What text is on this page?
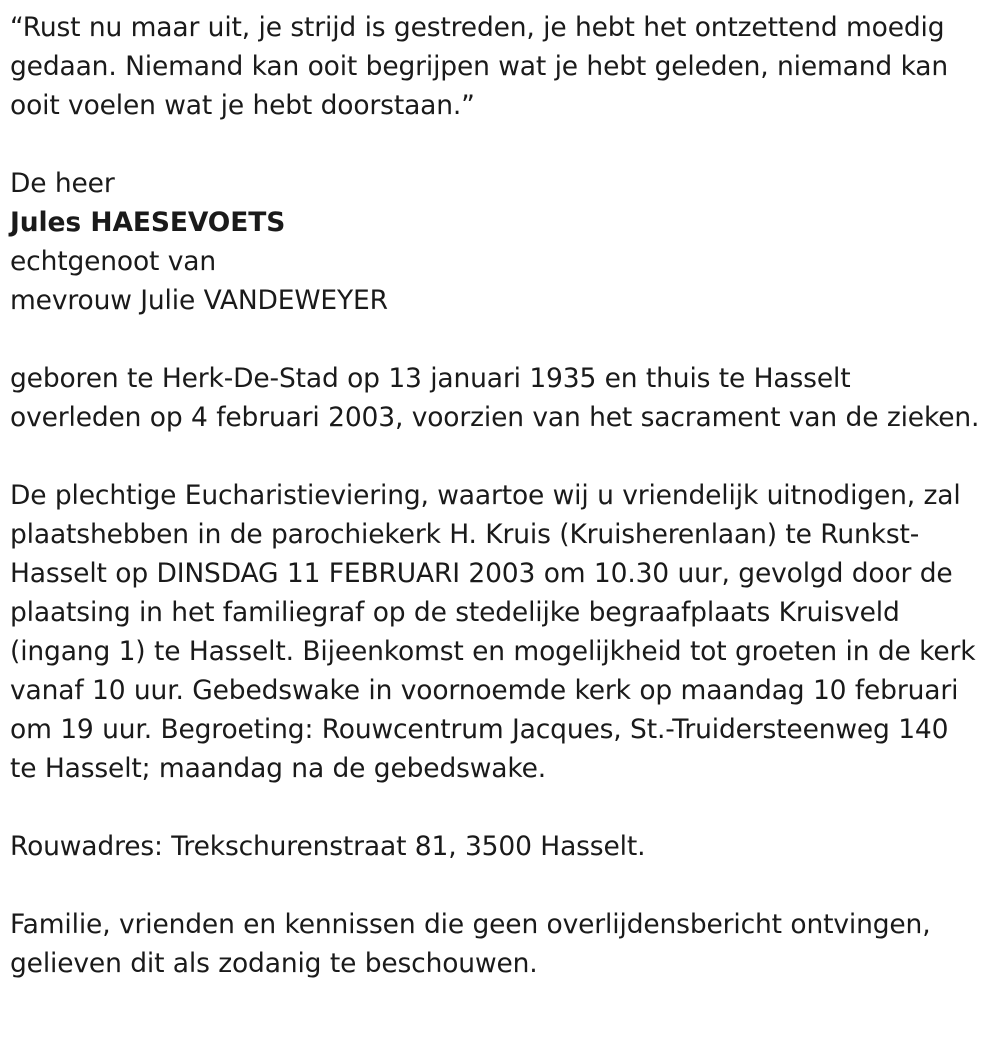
“Rust nu maar uit, je strijd is gestreden, je hebt het ontzettend moedig
gedaan. Niemand kan ooit begrijpen wat je hebt geleden, niemand kan
ooit voelen wat je hebt doorstaan.”
De heer
Jules HAESEVOETS
echtgenoot van
mevrouw Julie VANDEWEYER
geboren te Herk-De-Stad op 13 januari 1935 en thuis te Hasselt
overleden op 4 februari 2003, voorzien van het sacrament van de zieken.
De plechtige Eucharistieviering, waartoe wij u vriendelijk uitnodigen, zal
plaatshebben in de parochiekerk H. Kruis (Kruisherenlaan) te Runkst-
Hasselt op DINSDAG 11 FEBRUARI 2003 om 10.30 uur, gevolgd door de
plaatsing in het familiegraf op de stedelijke begraafplaats Kruisveld
(ingang 1) te Hasselt. Bijeenkomst en mogelijkheid tot groeten in de kerk
vanaf 10 uur. Gebedswake in voornoemde kerk op maandag 10 februari
om 19 uur. Begroeting: Rouwcentrum Jacques, St.-Truidersteenweg 140
te Hasselt; maandag na de gebedswake.
Rouwadres: Trekschurenstraat 81, 3500 Hasselt.
Familie, vrienden en kennissen die geen overlijdensbericht ontvingen,
gelieven dit als zodanig te beschouwen.
